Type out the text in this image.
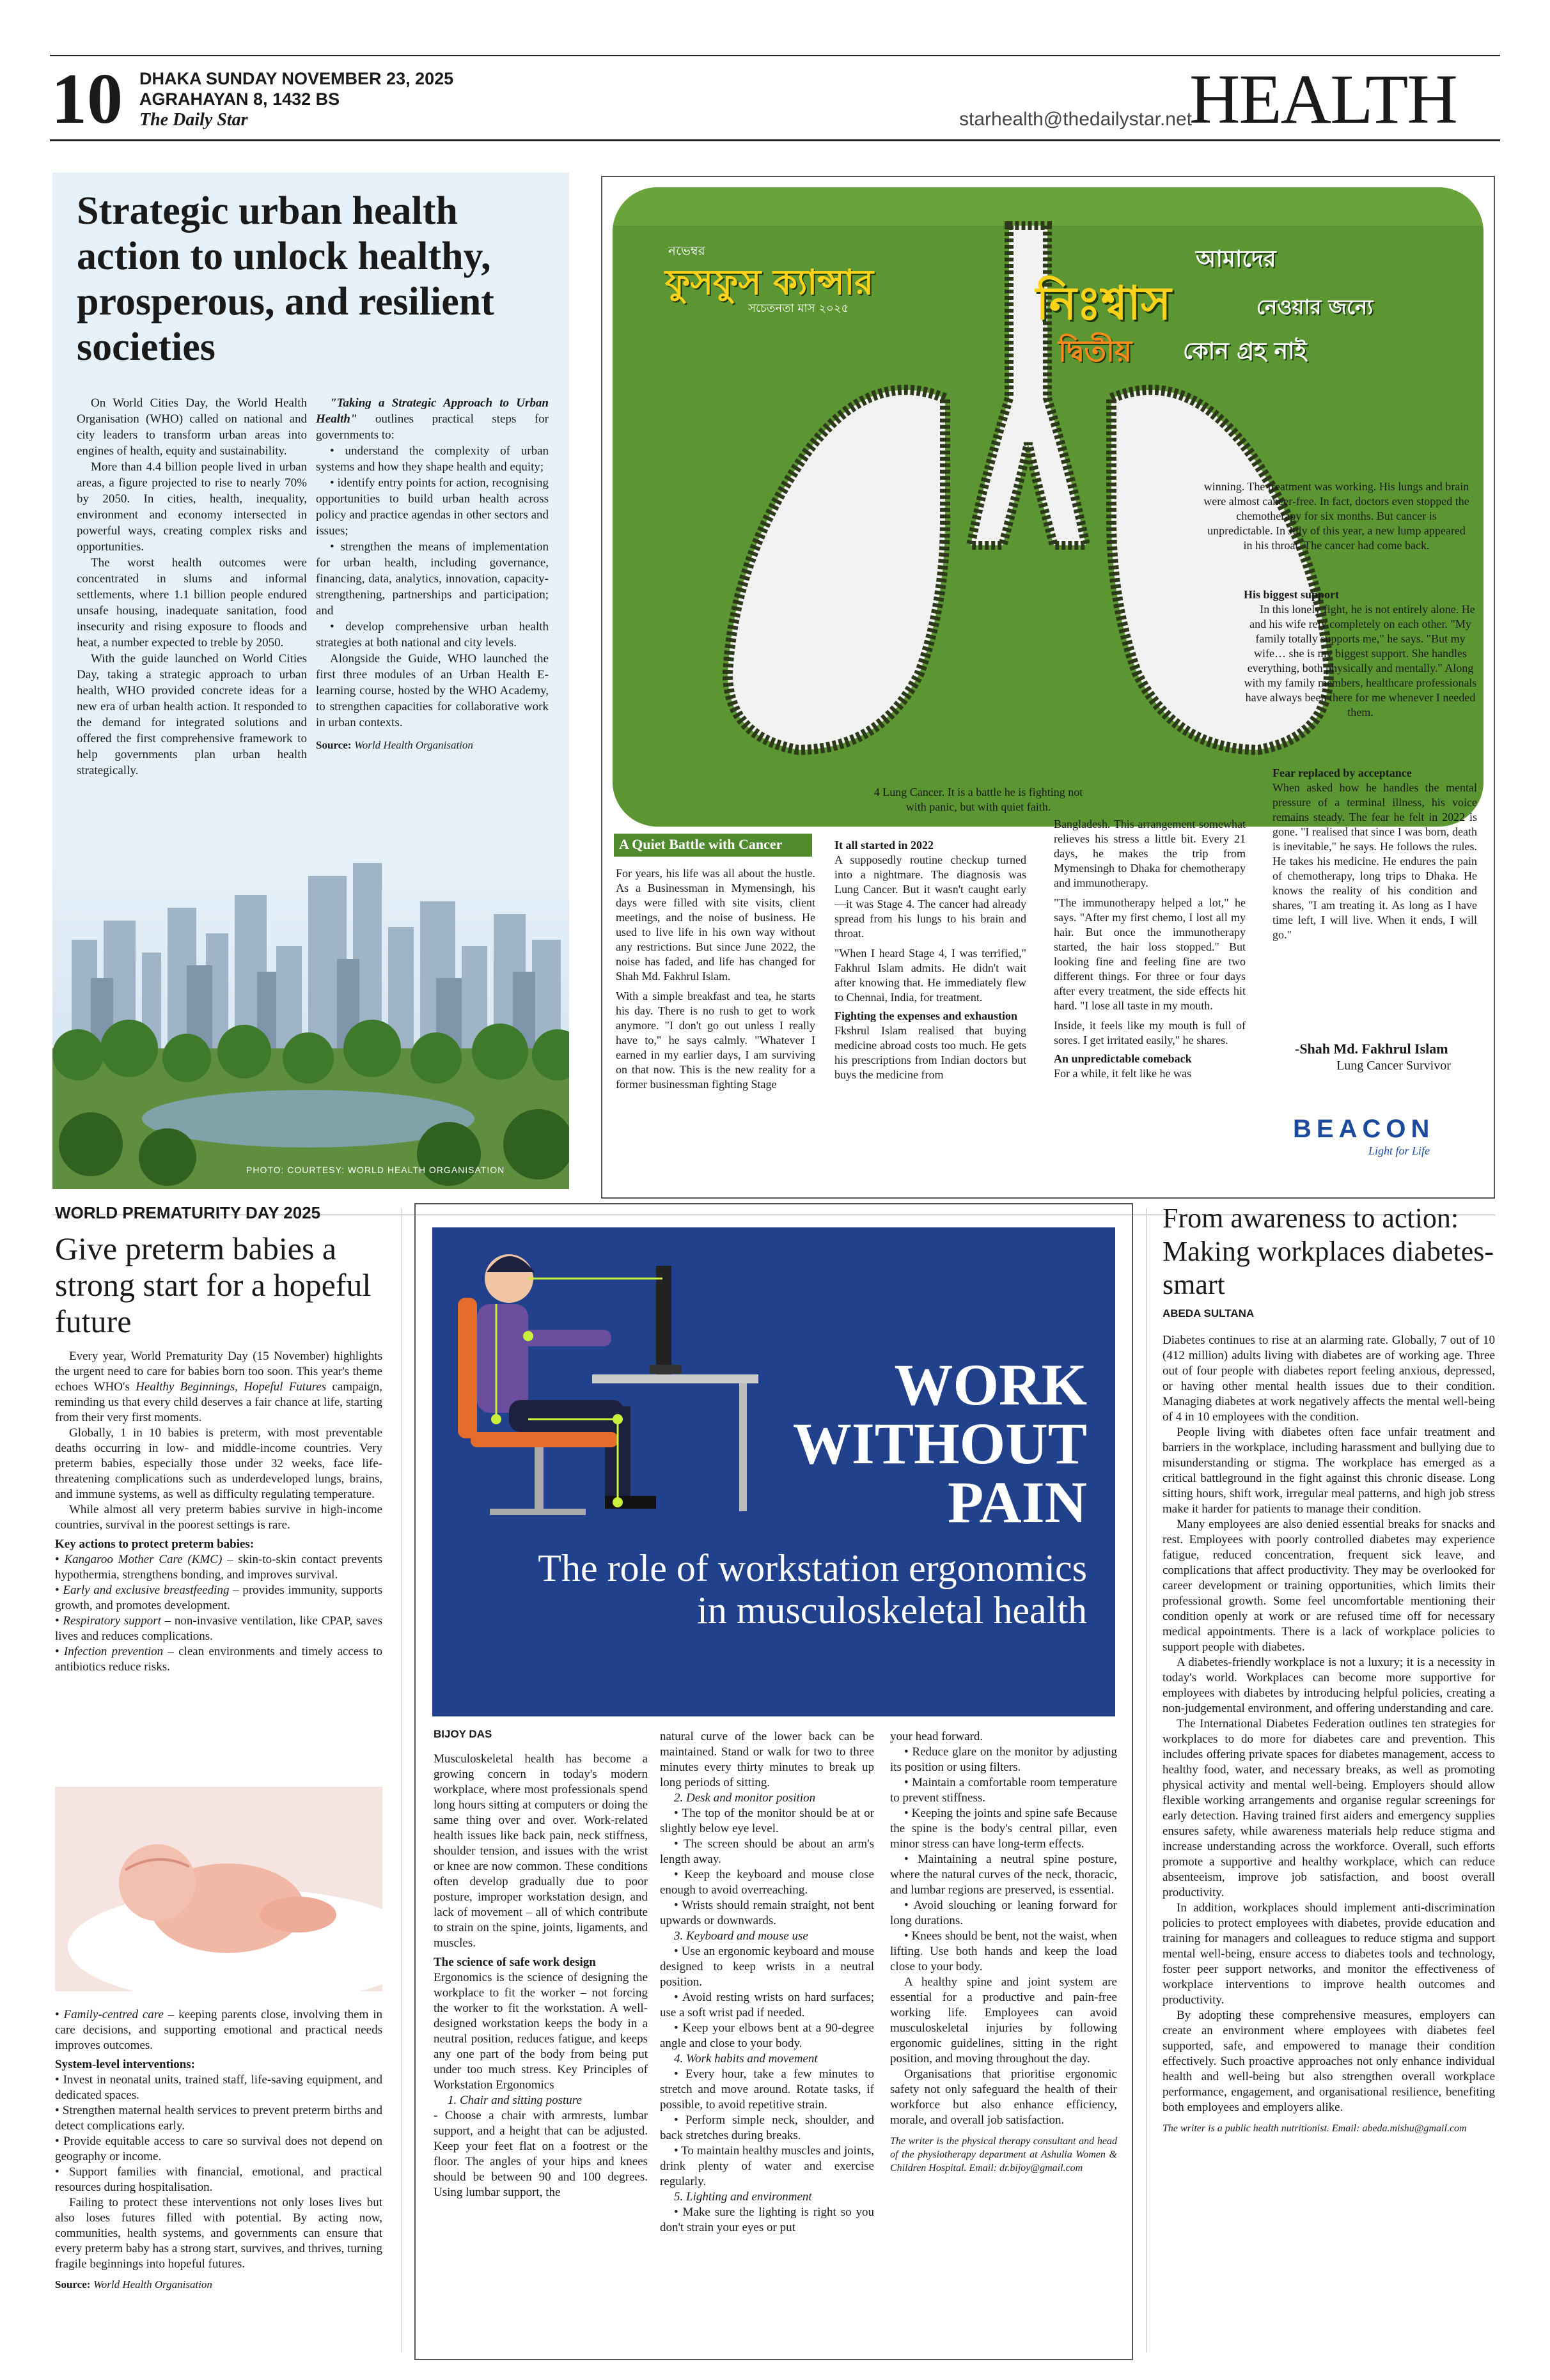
10 DHAKA SUNDAY NOVEMBER 23, 2025
AGRAHAYAN 8, 1432 BS
The Daily Star	starhealth@thedailystar.net
HEALTH
Strategic urban health action to unlock healthy, prosperous, and resilient societies

On World Cities Day, the World Health Organisation (WHO) called on national and city leaders to transform urban areas into engines of health, equity and sustainability.

More than 4.4 billion people lived in urban areas, a figure projected to rise to nearly 70% by 2050. In cities, health, inequality, environment and economy intersected in powerful ways, creating complex risks and opportunities.

The worst health outcomes were concentrated in slums and informal settlements, where 1.1 billion people endured unsafe housing, inadequate sanitation, food insecurity and rising exposure to floods and heat, a number expected to treble by 2050.

With the guide launched on World Cities Day, taking a strategic approach to urban health, WHO provided concrete ideas for a new era of urban health action. It responded to the demand for integrated solutions and offered the first comprehensive framework to help governments plan urban health strategically.

"Taking a Strategic Approach to Urban Health" outlines practical steps for governments to:

• understand the complexity of urban systems and how they shape health and equity;

• identify entry points for action, recognising opportunities to build urban health across policy and practice agendas in other sectors and issues;

• strengthen the means of implementation for urban health, including governance, financing, data, analytics, innovation, capacity-strengthening, partnerships and participation; and

• develop comprehensive urban health strategies at both national and city levels.

Alongside the Guide, WHO launched the first three modules of an Urban Health E-learning course, hosted by the WHO Academy, to strengthen capacities for collaborative work in urban contexts.

Source: World Health Organisation

PHOTO: COURTESY: WORLD HEALTH ORGANISATION
নভেম্বর
ফুসফুস ক্যান্সার
সচেতনতা মাস ২০২৫
আমাদের
নিঃশ্বাস	নেওয়ার জন্যে
দ্বিতীয় কোন গ্রহ নাই

winning. The treatment was working. His lungs and brain were almost cancer-free. In fact, doctors even stopped the chemotherapy for six months. But cancer is unpredictable. In July of this year, a new lump appeared in his throat. The cancer had come back.

His biggest support

In this lonely fight, he is not entirely alone. He and his wife rely completely on each other. "My family totally supports me," he says. "But my wife… she is my biggest support. She handles everything, both physically and mentally." Along with my family members, healthcare professionals have always been there for me whenever I needed them.

Fear replaced by acceptance

When asked how he handles the mental pressure of a terminal illness, his voice remains steady. The fear he felt in 2022 is gone. "I realised that since I was born, death is inevitable," he says. He follows the rules. He takes his medicine. He endures the pain of chemotherapy, long trips to Dhaka. He knows the reality of his condition and shares, "I am treating it. As long as I have time left, I will live. When it ends, I will go."

-Shah Md. Fakhrul Islam
Lung Cancer Survivor
BEACON
Light for Life

4 Lung Cancer. It is a battle he is fighting not with panic, but with quiet faith.

A Quiet Battle with Cancer

For years, his life was all about the hustle. As a Businessman in Mymensingh, his days were filled with site visits, client meetings, and the noise of business. He used to live life in his own way without any restrictions. But since June 2022, the noise has faded, and life has changed for Shah Md. Fakhrul Islam.

With a simple breakfast and tea, he starts his day. There is no rush to get to work anymore. "I don't go out unless I really have to," he says calmly. "Whatever I earned in my earlier days, I am surviving on that now. This is the new reality for a former businessman fighting Stage

It all started in 2022

A supposedly routine checkup turned into a nightmare. The diagnosis was Lung Cancer. But it wasn't caught early—it was Stage 4. The cancer had already spread from his lungs to his brain and throat.

"When I heard Stage 4, I was terrified," Fakhrul Islam admits. He didn't wait after knowing that. He immediately flew to Chennai, India, for treatment.

Fighting the expenses and exhaustion

Fkshrul Islam realised that buying medicine abroad costs too much. He gets his prescriptions from Indian doctors but buys the medicine from

Bangladesh. This arrangement somewhat relieves his stress a little bit. Every 21 days, he makes the trip from Mymensingh to Dhaka for chemotherapy and immunotherapy.

"The immunotherapy helped a lot," he says. "After my first chemo, I lost all my hair. But once the immunotherapy started, the hair loss stopped." But looking fine and feeling fine are two different things. For three or four days after every treatment, the side effects hit hard. "I lose all taste in my mouth.

Inside, it feels like my mouth is full of sores. I get irritated easily," he shares.

An unpredictable comeback

For a while, it felt like he was

WORLD PREMATURITY DAY 2025
Give preterm babies a strong start for a hopeful future

Every year, World Prematurity Day (15 November) highlights the urgent need to care for babies born too soon. This year's theme echoes WHO's Healthy Beginnings, Hopeful Futures campaign, reminding us that every child deserves a fair chance at life, starting from their very first moments.

Globally, 1 in 10 babies is preterm, with most preventable deaths occurring in low- and middle-income countries. Very preterm babies, especially those under 32 weeks, face life-threatening complications such as underdeveloped lungs, brains, and immune systems, as well as difficulty regulating temperature.

While almost all very preterm babies survive in high-income countries, survival in the poorest settings is rare.

Key actions to protect preterm babies:

• Kangaroo Mother Care (KMC) – skin-to-skin contact prevents hypothermia, strengthens bonding, and improves survival.

• Early and exclusive breastfeeding – provides immunity, supports growth, and promotes development.

• Respiratory support – non-invasive ventilation, like CPAP, saves lives and reduces complications.

• Infection prevention – clean environments and timely access to antibiotics reduce risks.

• Family-centred care – keeping parents close, involving them in care decisions, and supporting emotional and practical needs improves outcomes.

System-level interventions:

• Invest in neonatal units, trained staff, life-saving equipment, and dedicated spaces.

• Strengthen maternal health services to prevent preterm births and detect complications early.

• Provide equitable access to care so survival does not depend on geography or income.

• Support families with financial, emotional, and practical resources during hospitalisation.

Failing to protect these interventions not only loses lives but also loses futures filled with potential. By acting now, communities, health systems, and governments can ensure that every preterm baby has a strong start, survives, and thrives, turning fragile beginnings into hopeful futures.

Source: World Health Organisation

WORK
WITHOUT
PAIN
The role of workstation ergonomics in musculoskeletal health
BIJOY DAS

Musculoskeletal health has become a growing concern in today's modern workplace, where most professionals spend long hours sitting at computers or doing the same thing over and over. Work-related health issues like back pain, neck stiffness, shoulder tension, and issues with the wrist or knee are now common. These conditions often develop gradually due to poor posture, improper workstation design, and lack of movement – all of which contribute to strain on the spine, joints, ligaments, and muscles.

The science of safe work design

Ergonomics is the science of designing the workplace to fit the worker – not forcing the worker to fit the workstation. A well-designed workstation keeps the body in a neutral position, reduces fatigue, and keeps any one part of the body from being put under too much stress. Key Principles of Workstation Ergonomics

1. Chair and sitting posture

- Choose a chair with armrests, lumbar support, and a height that can be adjusted. Keep your feet flat on a footrest or the floor. The angles of your hips and knees should be between 90 and 100 degrees. Using lumbar support, the

natural curve of the lower back can be maintained. Stand or walk for two to three minutes every thirty minutes to break up long periods of sitting.

2. Desk and monitor position

• The top of the monitor should be at or slightly below eye level.

• The screen should be about an arm's length away.

• Keep the keyboard and mouse close enough to avoid overreaching.

• Wrists should remain straight, not bent upwards or downwards.

3. Keyboard and mouse use

• Use an ergonomic keyboard and mouse designed to keep wrists in a neutral position.

• Avoid resting wrists on hard surfaces; use a soft wrist pad if needed.

• Keep your elbows bent at a 90-degree angle and close to your body.

4. Work habits and movement

• Every hour, take a few minutes to stretch and move around. Rotate tasks, if possible, to avoid repetitive strain.

• Perform simple neck, shoulder, and back stretches during breaks.

• To maintain healthy muscles and joints, drink plenty of water and exercise regularly.

5. Lighting and environment

• Make sure the lighting is right so you don't strain your eyes or put

your head forward.

• Reduce glare on the monitor by adjusting its position or using filters.

• Maintain a comfortable room temperature to prevent stiffness.

• Keeping the joints and spine safe Because the spine is the body's central pillar, even minor stress can have long-term effects.

• Maintaining a neutral spine posture, where the natural curves of the neck, thoracic, and lumbar regions are preserved, is essential.

• Avoid slouching or leaning forward for long durations.

• Knees should be bent, not the waist, when lifting. Use both hands and keep the load close to your body.

A healthy spine and joint system are essential for a productive and pain-free working life. Employees can avoid musculoskeletal injuries by following ergonomic guidelines, sitting in the right position, and moving throughout the day.

Organisations that prioritise ergonomic safety not only safeguard the health of their workforce but also enhance efficiency, morale, and overall job satisfaction.

The writer is the physical therapy consultant and head of the physiotherapy department at Ashulia Women & Children Hospital. Email: dr.bijoy@gmail.com

From awareness to action: Making workplaces diabetes-smart
ABEDA SULTANA

Diabetes continues to rise at an alarming rate. Globally, 7 out of 10 (412 million) adults living with diabetes are of working age. Three out of four people with diabetes report feeling anxious, depressed, or having other mental health issues due to their condition. Managing diabetes at work negatively affects the mental well-being of 4 in 10 employees with the condition.

People living with diabetes often face unfair treatment and barriers in the workplace, including harassment and bullying due to misunderstanding or stigma. The workplace has emerged as a critical battleground in the fight against this chronic disease. Long sitting hours, shift work, irregular meal patterns, and high job stress make it harder for patients to manage their condition.

Many employees are also denied essential breaks for snacks and rest. Employees with poorly controlled diabetes may experience fatigue, reduced concentration, frequent sick leave, and complications that affect productivity. They may be overlooked for career development or training opportunities, which limits their professional growth. Some feel uncomfortable mentioning their condition openly at work or are refused time off for necessary medical appointments. There is a lack of workplace policies to support people with diabetes.

A diabetes-friendly workplace is not a luxury; it is a necessity in today's world. Workplaces can become more supportive for employees with diabetes by introducing helpful policies, creating a non-judgemental environment, and offering understanding and care.

The International Diabetes Federation outlines ten strategies for workplaces to do more for diabetes care and prevention. This includes offering private spaces for diabetes management, access to healthy food, water, and necessary breaks, as well as promoting physical activity and mental well-being. Employers should allow flexible working arrangements and organise regular screenings for early detection. Having trained first aiders and emergency supplies ensures safety, while awareness materials help reduce stigma and increase understanding across the workforce. Overall, such efforts promote a supportive and healthy workplace, which can reduce absenteeism, improve job satisfaction, and boost overall productivity.

In addition, workplaces should implement anti-discrimination policies to protect employees with diabetes, provide education and training for managers and colleagues to reduce stigma and support mental well-being, ensure access to diabetes tools and technology, foster peer support networks, and monitor the effectiveness of workplace interventions to improve health outcomes and productivity.

By adopting these comprehensive measures, employers can create an environment where employees with diabetes feel supported, safe, and empowered to manage their condition effectively. Such proactive approaches not only enhance individual health and well-being but also strengthen overall workplace performance, engagement, and organisational resilience, benefiting both employees and employers alike.

The writer is a public health nutritionist. Email: abeda.mishu@gmail.com
